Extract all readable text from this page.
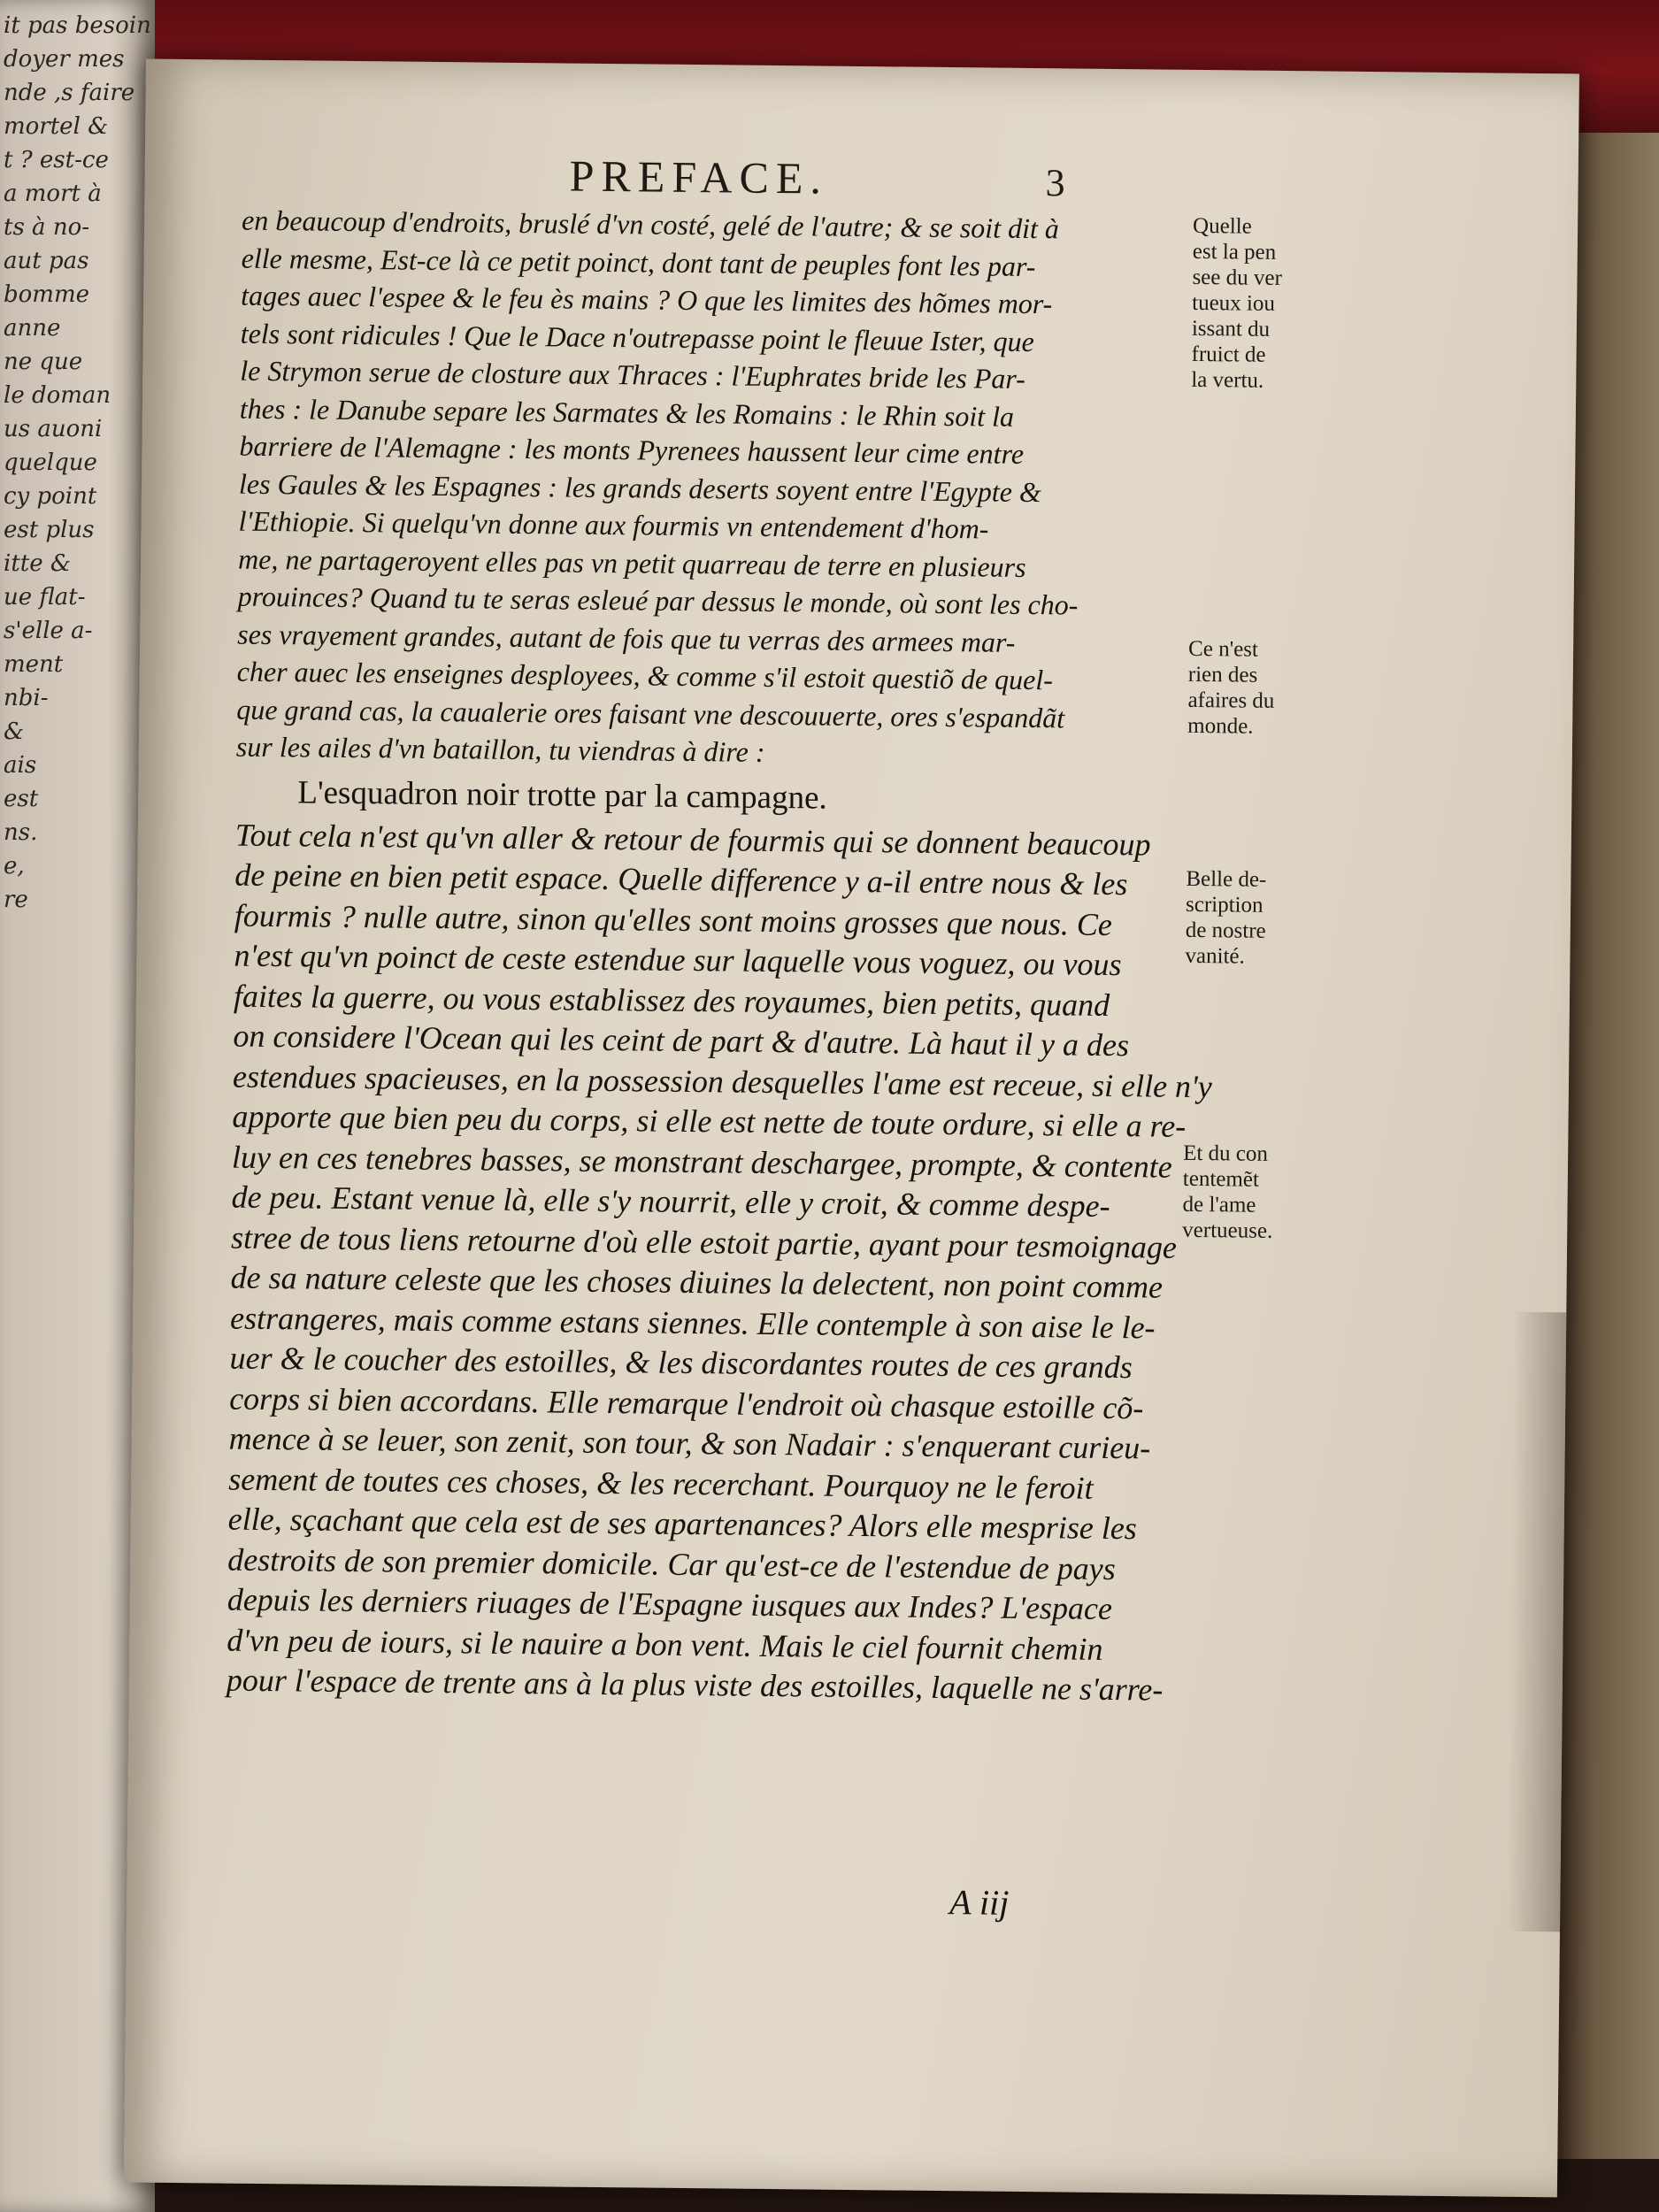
it pas besoin
doyer mes
nde ,s faire
mortel &
t ? est-ce
a mort à
ts à no-
aut pas
bomme
anne
ne que
le doman
us auoni
quelque
cy point
est plus
itte &
ue flat-
s'elle a-
ment
nbi-
&
ais
est
ns.
e,
re
PREFACE.	3
en beaucoup d'endroits, bruslé d'vn costé, gelé de l'autre; & se soit dit à
elle mesme, Est-ce là ce petit poinct, dont tant de peuples font les par-
tages auec l'espee & le feu ès mains ? O que les limites des hõmes mor-
tels sont ridicules ! Que le Dace n'outrepasse point le fleuue Ister, que
le Strymon serue de closture aux Thraces : l'Euphrates bride les Par-
thes : le Danube separe les Sarmates & les Romains : le Rhin soit la
barriere de l'Alemagne : les monts Pyrenees haussent leur cime entre
les Gaules & les Espagnes : les grands deserts soyent entre l'Egypte &
l'Ethiopie. Si quelqu'vn donne aux fourmis vn entendement d'hom-
me, ne partageroyent elles pas vn petit quarreau de terre en plusieurs
prouinces? Quand tu te seras esleué par dessus le monde, où sont les cho-
ses vrayement grandes, autant de fois que tu verras des armees mar-
cher auec les enseignes desployees, & comme s'il estoit questiõ de quel-
que grand cas, la caualerie ores faisant vne descouuerte, ores s'espandãt
sur les ailes d'vn bataillon, tu viendras à dire :
L'esquadron noir trotte par la campagne.
Tout cela n'est qu'vn aller & retour de fourmis qui se donnent beaucoup
de peine en bien petit espace. Quelle difference y a-il entre nous & les
fourmis ? nulle autre, sinon qu'elles sont moins grosses que nous. Ce
n'est qu'vn poinct de ceste estendue sur laquelle vous voguez, ou vous
faites la guerre, ou vous establissez des royaumes, bien petits, quand
on considere l'Ocean qui les ceint de part & d'autre. Là haut il y a des
estendues spacieuses, en la possession desquelles l'ame est receue, si elle n'y
apporte que bien peu du corps, si elle est nette de toute ordure, si elle a re-
luy en ces tenebres basses, se monstrant deschargee, prompte, & contente
de peu. Estant venue là, elle s'y nourrit, elle y croit, & comme despe-
stree de tous liens retourne d'où elle estoit partie, ayant pour tesmoignage
de sa nature celeste que les choses diuines la delectent, non point comme
estrangeres, mais comme estans siennes. Elle contemple à son aise le le-
uer & le coucher des estoilles, & les discordantes routes de ces grands
corps si bien accordans. Elle remarque l'endroit où chasque estoille cõ-
mence à se leuer, son zenit, son tour, & son Nadair : s'enquerant curieu-
sement de toutes ces choses, & les recerchant. Pourquoy ne le feroit
elle, sçachant que cela est de ses apartenances? Alors elle mesprise les
destroits de son premier domicile. Car qu'est-ce de l'estendue de pays
depuis les derniers riuages de l'Espagne iusques aux Indes? L'espace
d'vn peu de iours, si le nauire a bon vent. Mais le ciel fournit chemin
pour l'espace de trente ans à la plus viste des estoilles, laquelle ne s'arre-
Quelle
est la pen
see du ver
tueux iou
issant du
fruict de
la vertu.
Ce n'est
rien des
afaires du
monde.
Belle de-
scription
de nostre
vanité.
Et du con
tentemẽt
de l'ame
vertueuse.
A iij
